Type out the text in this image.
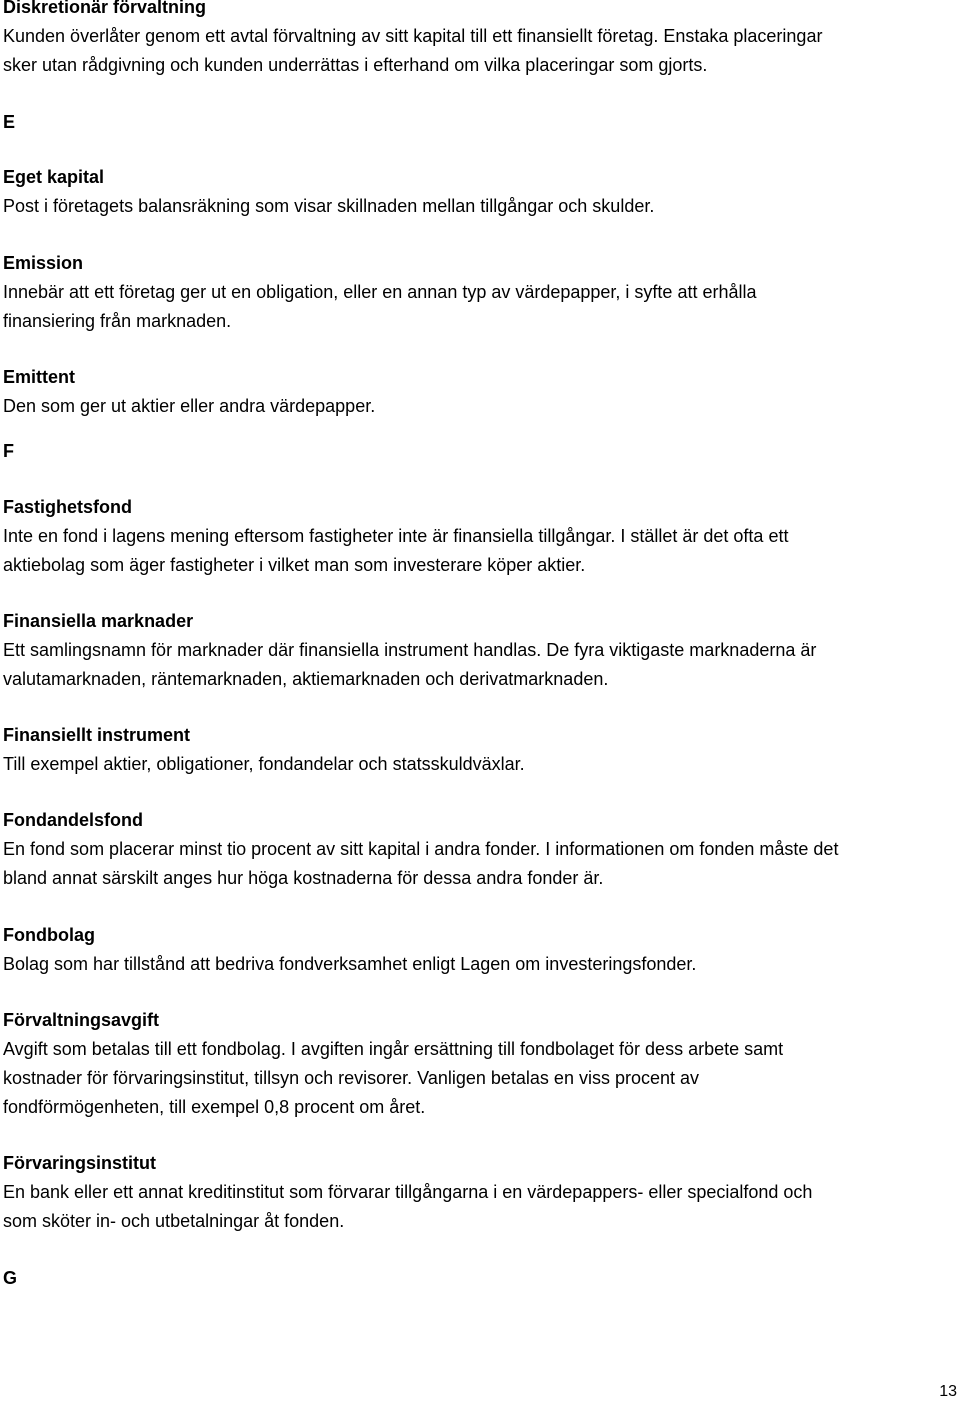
Diskretionär förvaltning

Kunden överlåter genom ett avtal förvaltning av sitt kapital till ett finansiellt företag. Enstaka placeringar
sker utan rådgivning och kunden underrättas i efterhand om vilka placeringar som gjorts.

E

Eget kapital

Post i företagets balansräkning som visar skillnaden mellan tillgångar och skulder.

Emission

Innebär att ett företag ger ut en obligation, eller en annan typ av värdepapper, i syfte att erhålla
finansiering från marknaden.

Emittent

Den som ger ut aktier eller andra värdepapper.

F

Fastighetsfond

Inte en fond i lagens mening eftersom fastigheter inte är finansiella tillgångar. I stället är det ofta ett
aktiebolag som äger fastigheter i vilket man som investerare köper aktier.

Finansiella marknader

Ett samlingsnamn för marknader där finansiella instrument handlas. De fyra viktigaste marknaderna är
valutamarknaden, räntemarknaden, aktiemarknaden och derivatmarknaden.

Finansiellt instrument

Till exempel aktier, obligationer, fondandelar och statsskuldväxlar.

Fondandelsfond

En fond som placerar minst tio procent av sitt kapital i andra fonder. I informationen om fonden måste det
bland annat särskilt anges hur höga kostnaderna för dessa andra fonder är.

Fondbolag

Bolag som har tillstånd att bedriva fondverksamhet enligt Lagen om investeringsfonder.

Förvaltningsavgift

Avgift som betalas till ett fondbolag. I avgiften ingår ersättning till fondbolaget för dess arbete samt
kostnader för förvaringsinstitut, tillsyn och revisorer. Vanligen betalas en viss procent av
fondförmögenheten, till exempel 0,8 procent om året.

Förvaringsinstitut

En bank eller ett annat kreditinstitut som förvarar tillgångarna i en värdepappers- eller specialfond och
som sköter in- och utbetalningar åt fonden.

G

13
